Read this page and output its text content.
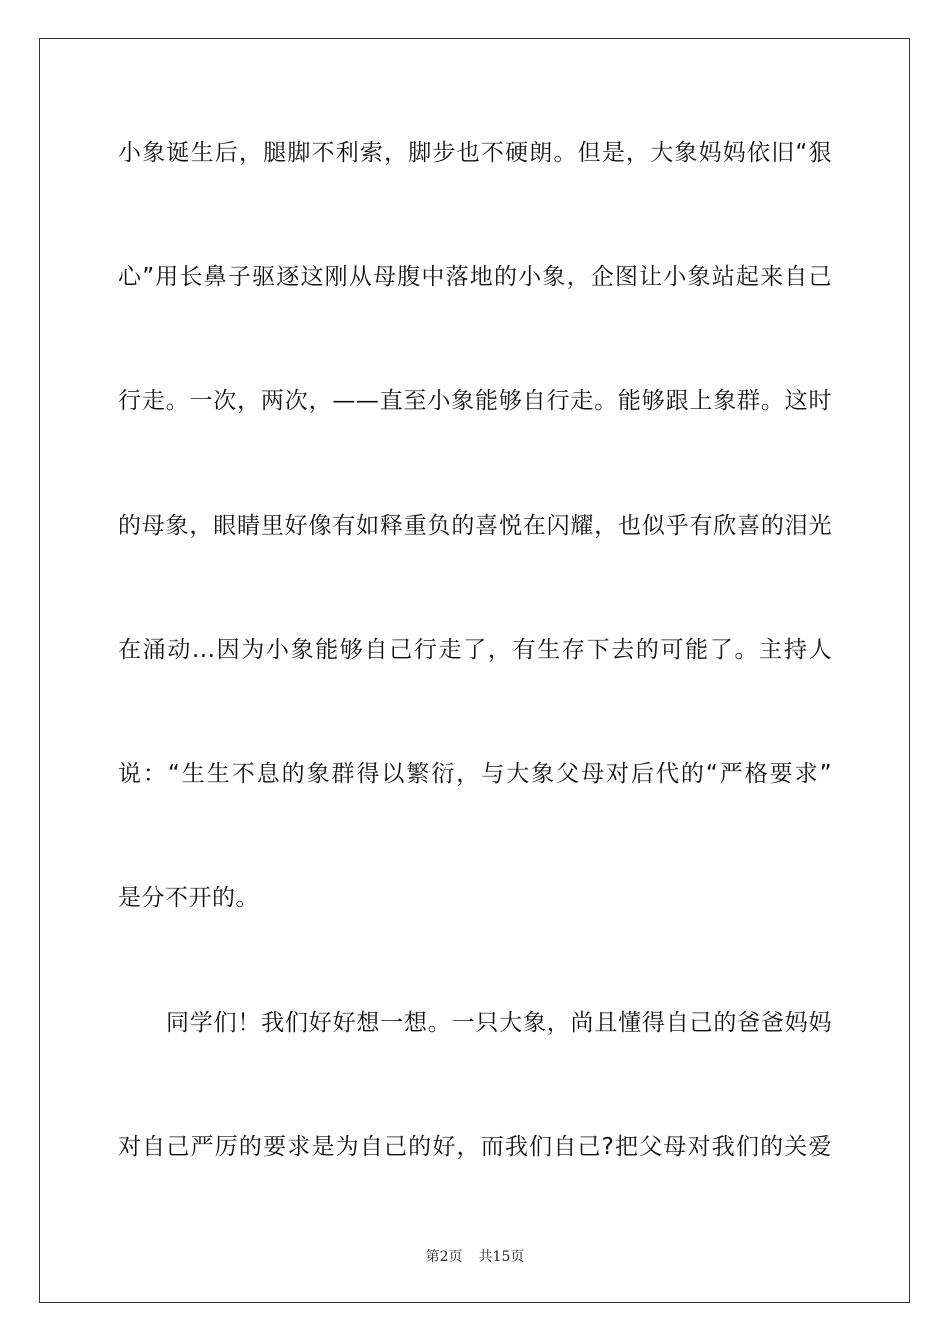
小象诞生后，腿脚不利索，脚步也不硬朗。但是，大象妈妈依旧“狠
心”用长鼻子驱逐这刚从母腹中落地的小象，企图让小象站起来自己
行走。一次，两次，——直至小象能够自行走。能够跟上象群。这时
的母象，眼睛里好像有如释重负的喜悦在闪耀，也似乎有欣喜的泪光
在涌动...因为小象能够自己行走了，有生存下去的可能了。主持人
说：“生生不息的象群得以繁衍，与大象父母对后代的“严格要求”
是分不开的。
同学们！我们好好想一想。一只大象，尚且懂得自己的爸爸妈妈
对自己严厉的要求是为自己的好，而我们自己?把父母对我们的关爱
第2页 共15页
